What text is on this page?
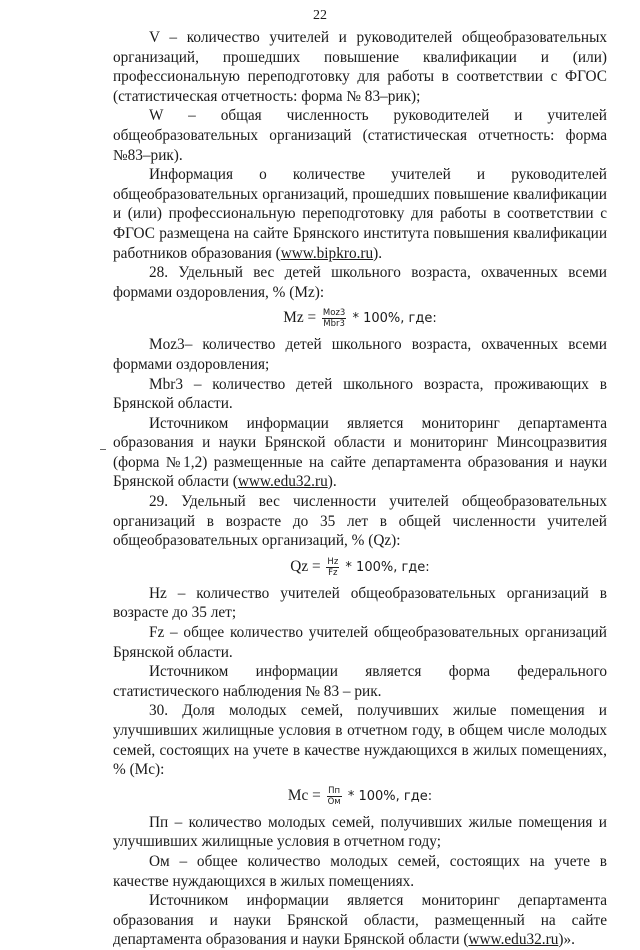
22

V – количество учителей и руководителей общеобразовательных организаций, прошедших повышение квалификации и (или) профессиональную переподготовку для работы в соответствии с ФГОС (статистическая отчетность: форма № 83–рик);

W – общая численность руководителей и учителей общеобразовательных организаций (статистическая отчетность: форма №83–рик).

Информация о количестве учителей и руководителей общеобразовательных организаций, прошедших повышение квалификации и (или) профессиональную переподготовку для работы в соответствии с ФГОС размещена на сайте Брянского института повышения квалификации работников образования (www.bipkro.ru).

28. Удельный вес детей школьного возраста, охваченных всеми формами оздоровления, % (Mz):

$Mz = \frac{\text{Moz3}}{\text{Mbr3}} * 100\%$, где:

Moz3– количество детей школьного возраста, охваченных всеми формами оздоровления;

Mbr3 – количество детей школьного возраста, проживающих в Брянской области.

Источником информации является мониторинг департамента образования и науки Брянской области и мониторинг Минсоцразвития (форма №1,2) размещенные на сайте департамента образования и науки Брянской области (www.edu32.ru).

29. Удельный вес численности учителей общеобразовательных организаций в возрасте до 35 лет в общей численности учителей общеобразовательных организаций, % (Qz):

$Qz = \frac{Hz}{Fz} * 100\%$, где:

Hz – количество учителей общеобразовательных организаций в возрасте до 35 лет;

Fz – общее количество учителей общеобразовательных организаций Брянской области.

Источником информации является форма федерального статистического наблюдения № 83 – рик.

30. Доля молодых семей, получивших жилые помещения и улучшивших жилищные условия в отчетном году, в общем числе молодых семей, состоящих на учете в качестве нуждающихся в жилых помещениях, % (Mc):

$Mc = \frac{Пп}{Ом} * 100\%$, где:

Пп – количество молодых семей, получивших жилые помещения и улучшивших жилищные условия в отчетном году;

Ом – общее количество молодых семей, состоящих на учете в качестве нуждающихся в жилых помещениях.

Источником информации является мониторинг департамента образования и науки Брянской области, размещенный на сайте департамента образования и науки Брянской области (www.edu32.ru)».
